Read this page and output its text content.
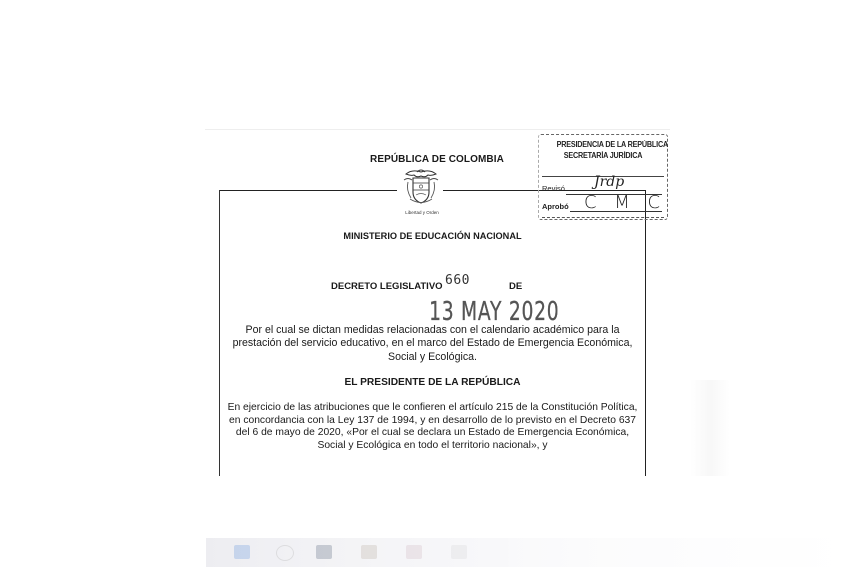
REPÚBLICA DE COLOMBIA
Libertad y Orden
MINISTERIO DE EDUCACIÓN NACIONAL
DECRETO LEGISLATIVO 660	DE
13 MAY 2020
Por el cual se dictan medidas relacionadas con el calendario académico para la prestación del servicio educativo, en el marco del Estado de Emergencia Económica, Social y Ecológica.
EL PRESIDENTE DE LA REPÚBLICA
En ejercicio de las atribuciones que le confieren el artículo 215 de la Constitución Política, en concordancia con la Ley 137 de 1994, y en desarrollo de lo previsto en el Decreto 637 del 6 de mayo de 2020, «Por el cual se declara un Estado de Emergencia Económica, Social y Ecológica en todo el territorio nacional», y
PRESIDENCIA DE LA REPÚBLICA
SECRETARÍA JURÍDICA
Revisó Jrdp
Aprobó C M C
